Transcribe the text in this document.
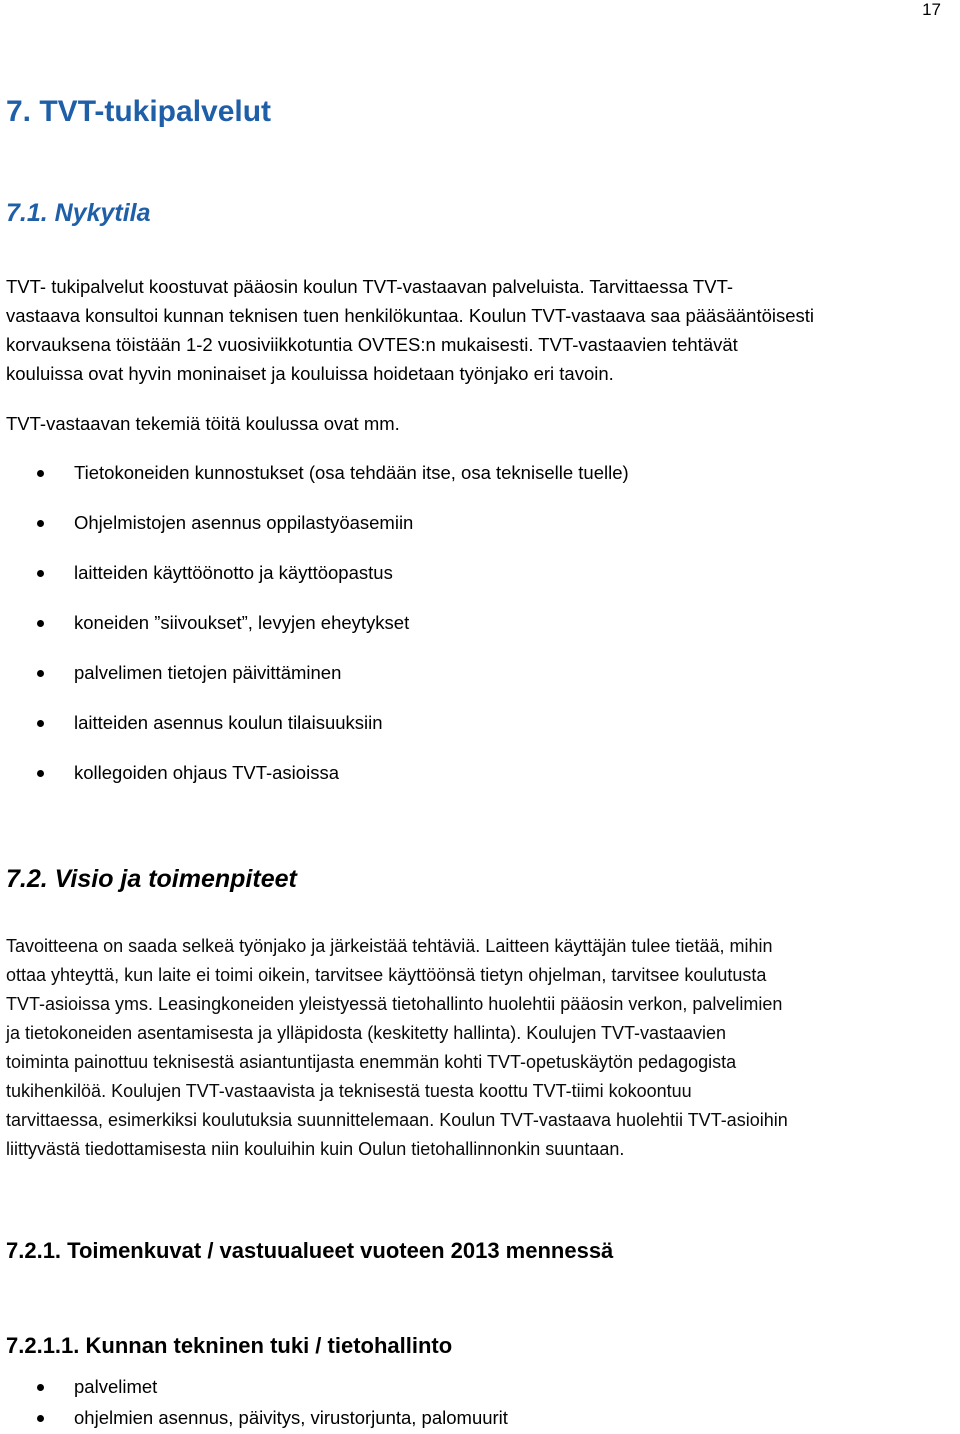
17
7. TVT-tukipalvelut
7.1. Nykytila
TVT- tukipalvelut koostuvat pääosin koulun TVT-vastaavan palveluista. Tarvittaessa TVT-
vastaava konsultoi kunnan teknisen tuen henkilökuntaa. Koulun TVT-vastaava saa pääsääntöisesti
korvauksena töistään 1-2 vuosiviikkotuntia OVTES:n mukaisesti. TVT-vastaavien tehtävät
kouluissa ovat hyvin moninaiset ja kouluissa hoidetaan työnjako eri tavoin.
TVT-vastaavan tekemiä töitä koulussa ovat mm.
Tietokoneiden kunnostukset (osa tehdään itse, osa tekniselle tuelle)
Ohjelmistojen asennus oppilastyöasemiin
laitteiden käyttöönotto ja käyttöopastus
koneiden ”siivoukset”, levyjen eheytykset
palvelimen tietojen päivittäminen
laitteiden asennus koulun tilaisuuksiin
kollegoiden ohjaus TVT-asioissa
7.2. Visio ja toimenpiteet
Tavoitteena on saada selkeä työnjako ja järkeistää tehtäviä. Laitteen käyttäjän tulee tietää, mihin
ottaa yhteyttä, kun laite ei toimi oikein, tarvitsee käyttöönsä tietyn ohjelman, tarvitsee koulutusta
TVT-asioissa yms. Leasingkoneiden yleistyessä tietohallinto huolehtii pääosin verkon, palvelimien
ja tietokoneiden asentamisesta ja ylläpidosta (keskitetty hallinta). Koulujen TVT-vastaavien
toiminta painottuu teknisestä asiantuntijasta enemmän kohti TVT-opetuskäytön pedagogista
tukihenkilöä. Koulujen TVT-vastaavista ja teknisestä tuesta koottu TVT-tiimi kokoontuu
tarvittaessa, esimerkiksi koulutuksia suunnittelemaan. Koulun TVT-vastaava huolehtii TVT-asioihin
liittyvästä tiedottamisesta niin kouluihin kuin Oulun tietohallinnonkin suuntaan.
7.2.1. Toimenkuvat / vastuualueet vuoteen 2013 mennessä
7.2.1.1. Kunnan tekninen tuki / tietohallinto
palvelimet
ohjelmien asennus, päivitys, virustorjunta, palomuurit
